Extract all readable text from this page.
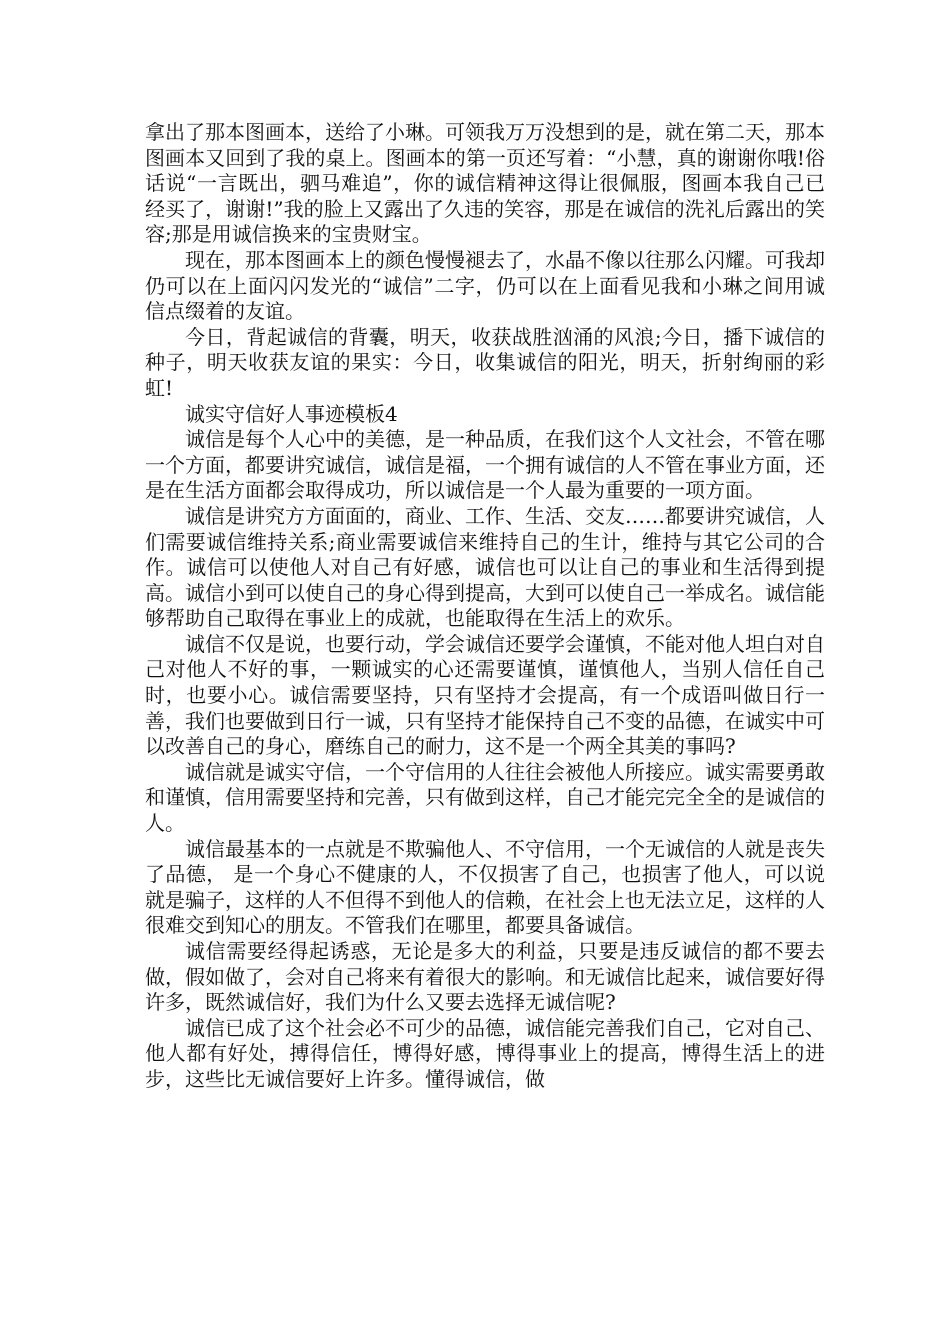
拿出了那本图画本，送给了小琳。可领我万万没想到的是，就在第二天，那本图画本又回到了我的桌上。图画本的第一页还写着：“小慧，真的谢谢你哦!俗话说“一言既出，驷马难追”，你的诚信精神这得让很佩服，图画本我自己已经买了，谢谢!”我的脸上又露出了久违的笑容，那是在诚信的洗礼后露出的笑容;那是用诚信换来的宝贵财宝。

现在，那本图画本上的颜色慢慢褪去了，水晶不像以往那么闪耀。可我却仍可以在上面闪闪发光的“诚信”二字，仍可以在上面看见我和小琳之间用诚信点缀着的友谊。

今日，背起诚信的背囊，明天，收获战胜汹涌的风浪;今日，播下诚信的种子，明天收获友谊的果实：今日，收集诚信的阳光，明天，折射绚丽的彩虹!

诚实守信好人事迹模板4

诚信是每个人心中的美德，是一种品质，在我们这个人文社会，不管在哪一个方面，都要讲究诚信，诚信是福，一个拥有诚信的人不管在事业方面，还是在生活方面都会取得成功，所以诚信是一个人最为重要的一项方面。

诚信是讲究方方面面的，商业、工作、生活、交友……都要讲究诚信，人们需要诚信维持关系;商业需要诚信来维持自己的生计，维持与其它公司的合作。诚信可以使他人对自己有好感，诚信也可以让自己的事业和生活得到提高。诚信小到可以使自己的身心得到提高，大到可以使自己一举成名。诚信能够帮助自己取得在事业上的成就，也能取得在生活上的欢乐。

诚信不仅是说，也要行动，学会诚信还要学会谨慎，不能对他人坦白对自己对他人不好的事，一颗诚实的心还需要谨慎，谨慎他人，当别人信任自己时，也要小心。诚信需要坚持，只有坚持才会提高，有一个成语叫做日行一善，我们也要做到日行一诚，只有坚持才能保持自己不变的品德，在诚实中可以改善自己的身心，磨练自己的耐力，这不是一个两全其美的事吗?

诚信就是诚实守信，一个守信用的人往往会被他人所接应。诚实需要勇敢和谨慎，信用需要坚持和完善，只有做到这样，自己才能完完全全的是诚信的人。

诚信最基本的一点就是不欺骗他人、不守信用，一个无诚信的人就是丧失了品德， 是一个身心不健康的人，不仅损害了自己，也损害了他人，可以说就是骗子，这样的人不但得不到他人的信赖，在社会上也无法立足，这样的人很难交到知心的朋友。不管我们在哪里，都要具备诚信。

诚信需要经得起诱惑，无论是多大的利益，只要是违反诚信的都不要去做，假如做了，会对自己将来有着很大的影响。和无诚信比起来，诚信要好得许多，既然诚信好，我们为什么又要去选择无诚信呢?

诚信已成了这个社会必不可少的品德，诚信能完善我们自己，它对自己、他人都有好处，搏得信任，博得好感，博得事业上的提高，博得生活上的进步，这些比无诚信要好上许多。懂得诚信，做
